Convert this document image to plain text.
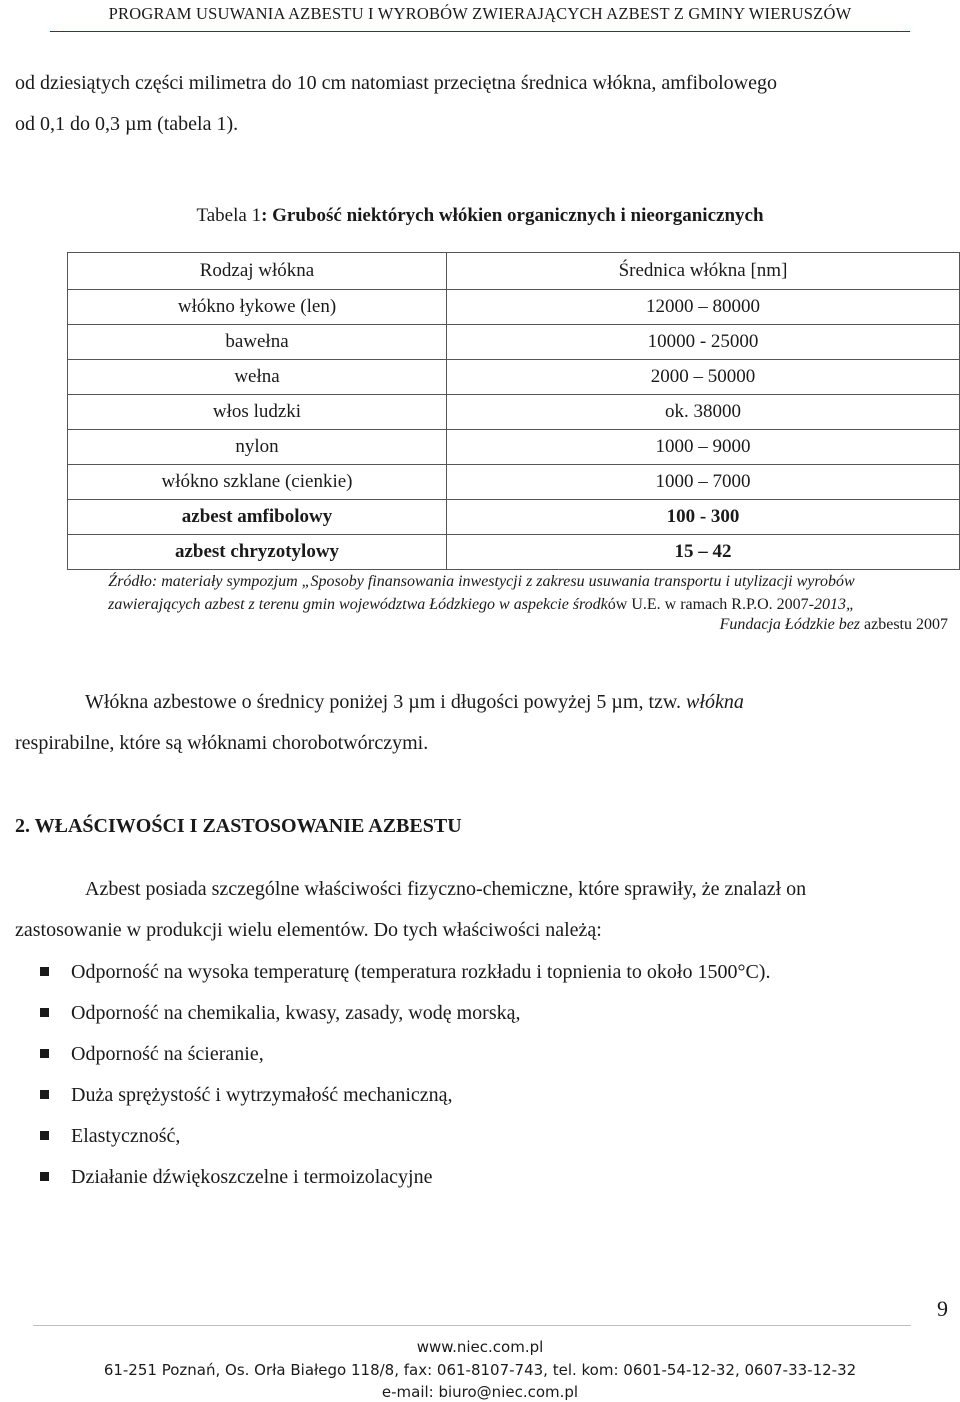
PROGRAM USUWANIA AZBESTU I WYROBÓW ZWIERAJĄCYCH AZBEST Z GMINY WIERUSZÓW
od dziesiątych części milimetra do 10 cm natomiast przeciętna średnica włókna, amfibolowego
od 0,1 do 0,3 µm (tabela 1).
Tabela 1: Grubość niektórych włókien organicznych i nieorganicznych
Rodzaj włókna	Średnica włókna [nm]
włókno łykowe (len)	12000 – 80000
bawełna	10000 - 25000
wełna	2000 – 50000
włos ludzki	ok. 38000
nylon	1000 – 9000
włókno szklane (cienkie)	1000 – 7000
azbest amfibolowy	100 - 300
azbest chryzotylowy	15 – 42
Źródło: materiały sympozjum „Sposoby finansowania inwestycji z zakresu usuwania transportu i utylizacji wyrobów
zawierających azbest z terenu gmin województwa Łódzkiego w aspekcie środków U.E. w ramach R.P.O. 2007-2013„
Fundacja Łódzkie bez azbestu 2007
Włókna azbestowe o średnicy poniżej 3 µm i długości powyżej 5 µm, tzw. włókna
respirabilne, które są włóknami chorobotwórczymi.
2. WŁAŚCIWOŚCI I ZASTOSOWANIE AZBESTU
Azbest posiada szczególne właściwości fizyczno-chemiczne, które sprawiły, że znalazł on
zastosowanie w produkcji wielu elementów. Do tych właściwości należą:
Odporność na wysoka temperaturę (temperatura rozkładu i topnienia to około 1500°C).
Odporność na chemikalia, kwasy, zasady, wodę morską,
Odporność na ścieranie,
Duża sprężystość i wytrzymałość mechaniczną,
Elastyczność,
Działanie dźwiękoszczelne i termoizolacyjne
9
www.niec.com.pl
61-251 Poznań, Os. Orła Białego 118/8, fax: 061-8107-743, tel. kom: 0601-54-12-32, 0607-33-12-32
e-mail: biuro@niec.com.pl
